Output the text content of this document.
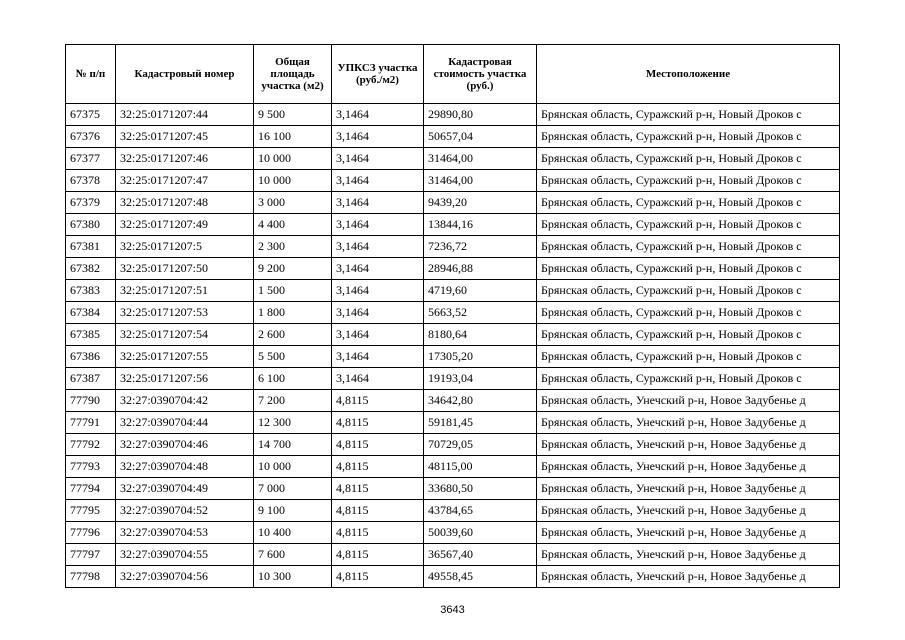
№ п/п	Кадастровый номер	Общая площадь участка (м2)	УПКСЗ участка (руб./м2)	Кадастровая стоимость участка (руб.)	Местоположение
67375	32:25:0171207:44	9 500	3,1464	29890,80	Брянская область, Суражский р-н, Новый Дроков с
67376	32:25:0171207:45	16 100	3,1464	50657,04	Брянская область, Суражский р-н, Новый Дроков с
67377	32:25:0171207:46	10 000	3,1464	31464,00	Брянская область, Суражский р-н, Новый Дроков с
67378	32:25:0171207:47	10 000	3,1464	31464,00	Брянская область, Суражский р-н, Новый Дроков с
67379	32:25:0171207:48	3 000	3,1464	9439,20	Брянская область, Суражский р-н, Новый Дроков с
67380	32:25:0171207:49	4 400	3,1464	13844,16	Брянская область, Суражский р-н, Новый Дроков с
67381	32:25:0171207:5	2 300	3,1464	7236,72	Брянская область, Суражский р-н, Новый Дроков с
67382	32:25:0171207:50	9 200	3,1464	28946,88	Брянская область, Суражский р-н, Новый Дроков с
67383	32:25:0171207:51	1 500	3,1464	4719,60	Брянская область, Суражский р-н, Новый Дроков с
67384	32:25:0171207:53	1 800	3,1464	5663,52	Брянская область, Суражский р-н, Новый Дроков с
67385	32:25:0171207:54	2 600	3,1464	8180,64	Брянская область, Суражский р-н, Новый Дроков с
67386	32:25:0171207:55	5 500	3,1464	17305,20	Брянская область, Суражский р-н, Новый Дроков с
67387	32:25:0171207:56	6 100	3,1464	19193,04	Брянская область, Суражский р-н, Новый Дроков с
77790	32:27:0390704:42	7 200	4,8115	34642,80	Брянская область, Унечский р-н, Новое Задубенье д
77791	32:27:0390704:44	12 300	4,8115	59181,45	Брянская область, Унечский р-н, Новое Задубенье д
77792	32:27:0390704:46	14 700	4,8115	70729,05	Брянская область, Унечский р-н, Новое Задубенье д
77793	32:27:0390704:48	10 000	4,8115	48115,00	Брянская область, Унечский р-н, Новое Задубенье д
77794	32:27:0390704:49	7 000	4,8115	33680,50	Брянская область, Унечский р-н, Новое Задубенье д
77795	32:27:0390704:52	9 100	4,8115	43784,65	Брянская область, Унечский р-н, Новое Задубенье д
77796	32:27:0390704:53	10 400	4,8115	50039,60	Брянская область, Унечский р-н, Новое Задубенье д
77797	32:27:0390704:55	7 600	4,8115	36567,40	Брянская область, Унечский р-н, Новое Задубенье д
77798	32:27:0390704:56	10 300	4,8115	49558,45	Брянская область, Унечский р-н, Новое Задубенье д
3643
